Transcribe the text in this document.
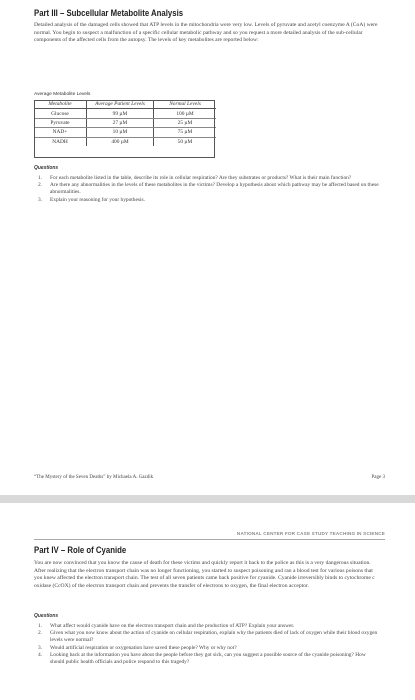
Part III – Subcellular Metabolite Analysis

Detailed analysis of the damaged cells showed that ATP levels in the mitochondria were very low. Levels of pyruvate and acetyl coenzyme A (CoA) were normal. You begin to suspect a malfunction of a specific cellular metabolic pathway and so you request a more detailed analysis of the sub-cellular components of the affected cells from the autopsy. The levels of key metabolites are reported below:

Average Metabolite Levels

Metabolite	Average Patient Levels	Normal Levels
Glucose	99 µM	100 µM
Pyruvate	27 µM	25 µM
NAD+	10 µM	75 µM
NADH	400 µM	50 µM
Questions
1. For each metabolite listed in the table, describe its role in cellular respiration? Are they substrates or products? What is their main function?
2. Are there any abnormalities in the levels of these metabolites in the victims? Develop a hypothesis about which pathway may be affected based on these abnormalities.
3. Explain your reasoning for your hypothesis.

“The Mystery of the Seven Deaths” by Michaela A. Gazdik	Page 3

NATIONAL CENTER FOR CASE STUDY TEACHING IN SCIENCE

Part IV – Role of Cyanide

You are now convinced that you know the cause of death for these victims and quickly report it back to the police as this is a very dangerous situation. After realizing that the electron transport chain was no longer functioning, you started to suspect poisoning and ran a blood test for various poisons that you knew affected the electron transport chain. The test of all seven patients came back positive for cyanide. Cyanide irreversibly binds to cytochrome c oxidase (CcOX) of the electron transport chain and prevents the transfer of electrons to oxygen, the final electron acceptor.

Questions
1. What affect would cyanide have on the electron transport chain and the production of ATP? Explain your answer.
2. Given what you now know about the action of cyanide on cellular respiration, explain why the patients died of lack of oxygen while their blood oxygen levels were normal?
3. Would artificial respiration or oxygenation have saved these people? Why or why not?
4. Looking back at the information you have about the people before they got sick, can you suggest a possible source of the cyanide poisoning? How should public health officials and police respond to this tragedy?
